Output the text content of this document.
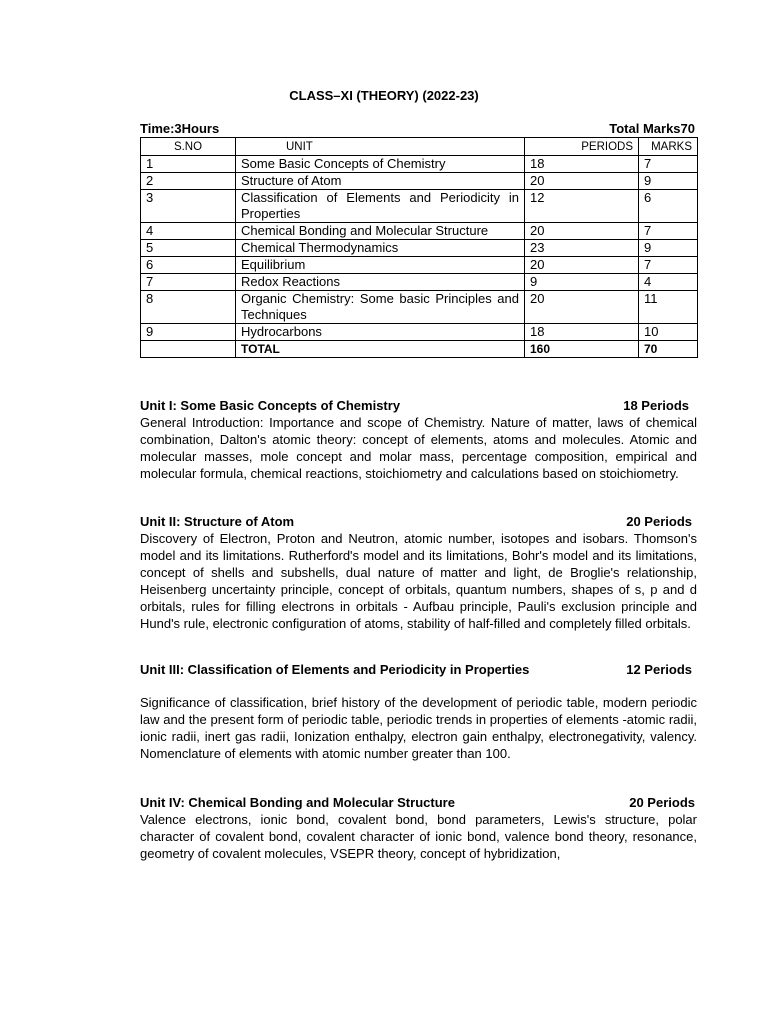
CLASS–XI (THEORY) (2022-23)
Time:3Hours	Total Marks70
S.NO	UNIT	PERIODS	MARKS
1	Some Basic Concepts of Chemistry	18	7
2	Structure of Atom	20	9
3	Classification of Elements and Periodicity in Properties	12	6
4	Chemical Bonding and Molecular Structure	20	7
5	Chemical Thermodynamics	23	9
6	Equilibrium	20	7
7	Redox Reactions	9	4
8	Organic Chemistry: Some basic Principles and Techniques	20	11
9	Hydrocarbons	18	10
	TOTAL	160	70
Unit I: Some Basic Concepts of Chemistry	18 Periods
General Introduction: Importance and scope of Chemistry. Nature of matter, laws of chemical combination, Dalton's atomic theory: concept of elements, atoms and molecules. Atomic and molecular masses, mole concept and molar mass, percentage composition, empirical and molecular formula, chemical reactions, stoichiometry and calculations based on stoichiometry.
Unit II: Structure of Atom	20 Periods
Discovery of Electron, Proton and Neutron, atomic number, isotopes and isobars. Thomson's model and its limitations. Rutherford's model and its limitations, Bohr's model and its limitations, concept of shells and subshells, dual nature of matter and light, de Broglie's relationship, Heisenberg uncertainty principle, concept of orbitals, quantum numbers, shapes of s, p and d orbitals, rules for filling electrons in orbitals - Aufbau principle, Pauli's exclusion principle and Hund's rule, electronic configuration of atoms, stability of half-filled and completely filled orbitals.
Unit III: Classification of Elements and Periodicity in Properties	12 Periods
Significance of classification, brief history of the development of periodic table, modern periodic law and the present form of periodic table, periodic trends in properties of elements -atomic radii, ionic radii, inert gas radii, Ionization enthalpy, electron gain enthalpy, electronegativity, valency. Nomenclature of elements with atomic number greater than 100.
Unit IV: Chemical Bonding and Molecular Structure	20 Periods
Valence electrons, ionic bond, covalent bond, bond parameters, Lewis's structure, polar character of covalent bond, covalent character of ionic bond, valence bond theory, resonance, geometry of covalent molecules, VSEPR theory, concept of hybridization,
